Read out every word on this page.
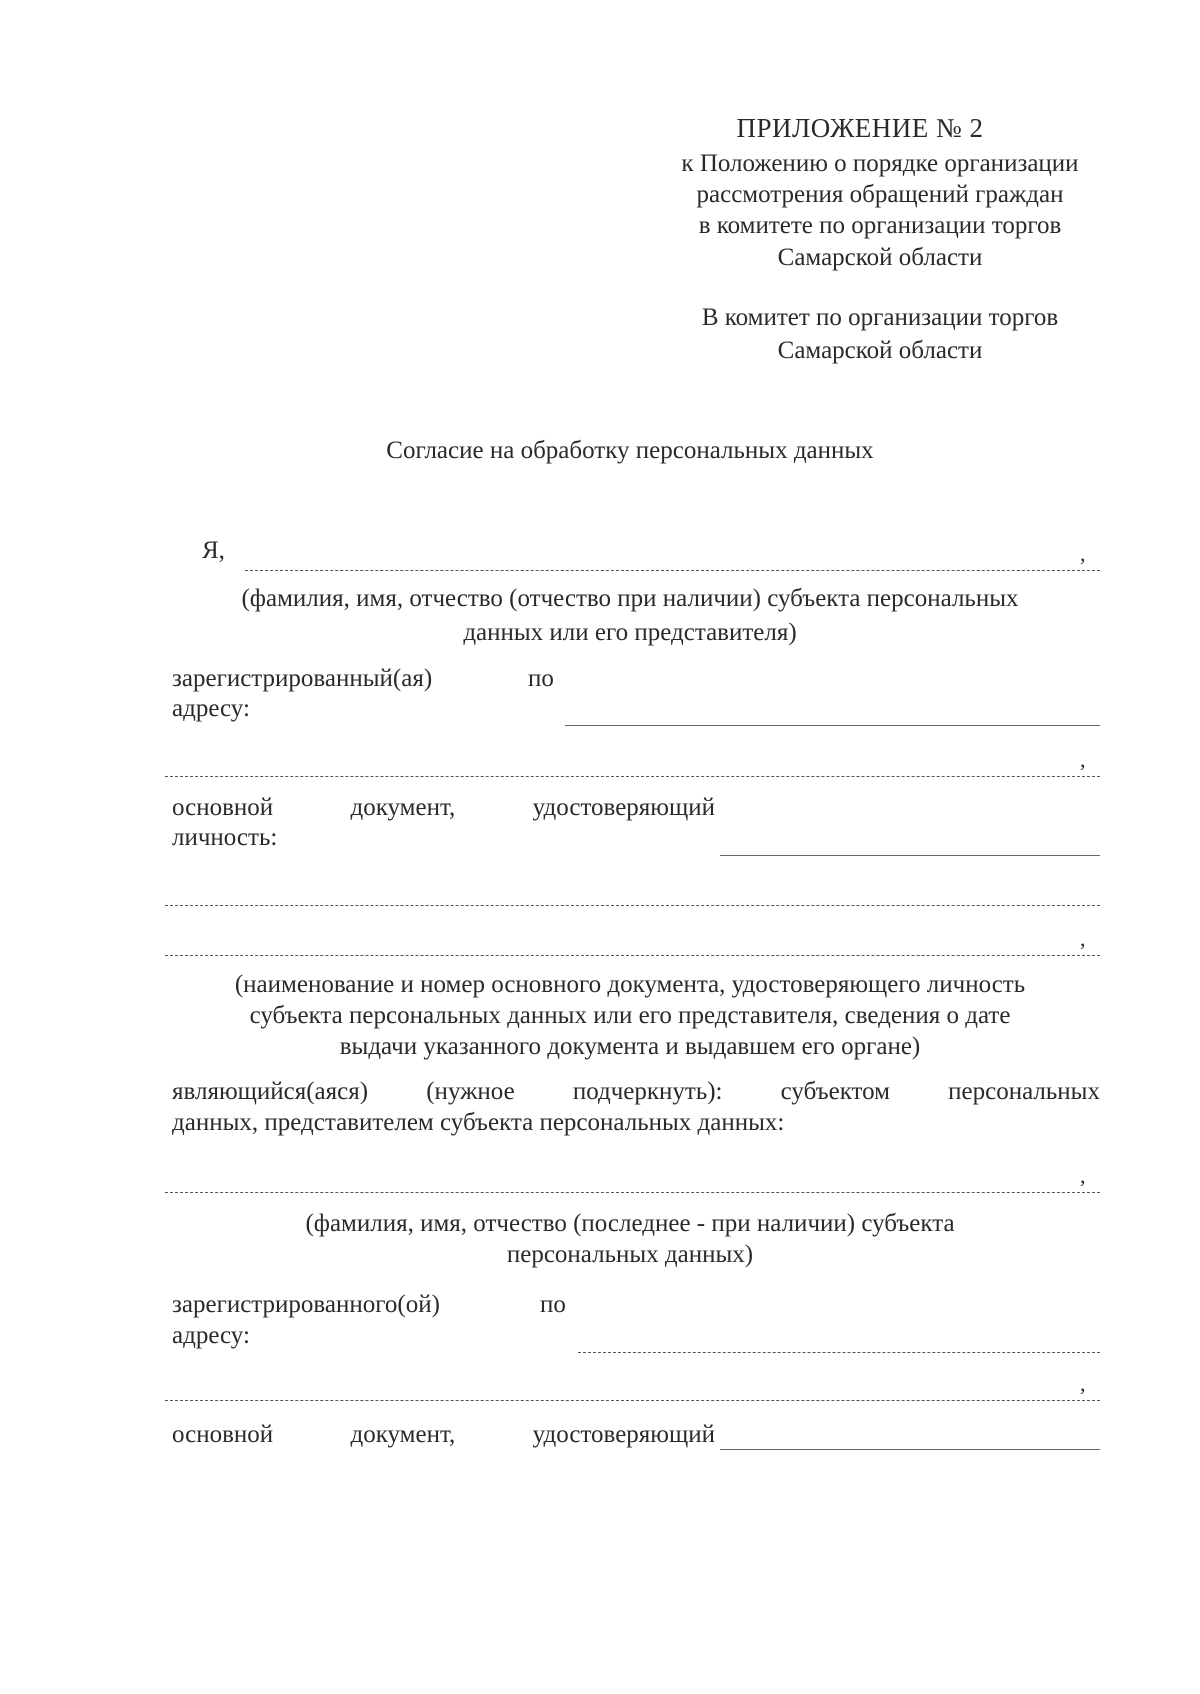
ПРИЛОЖЕНИЕ № 2
к Положению о порядке организации
рассмотрения обращений граждан
в комитете по организации торгов
Самарской области
В комитет по организации торгов
Самарской области
Согласие на обработку персональных данных
Я,	,
(фамилия, имя, отчество (отчество при наличии) субъекта персональных
данных или его представителя)
зарегистрированный(ая)	по
адресу:
,
основной	документ,	удостоверяющий
личность:
,
(наименование и номер основного документа, удостоверяющего личность
субъекта персональных данных или его представителя, сведения о дате
выдачи указанного документа и выдавшем его органе)
являющийся(аяся) (нужное подчеркнуть): субъектом персональных
данных, представителем субъекта персональных данных:
,
(фамилия, имя, отчество (последнее - при наличии) субъекта
персональных данных)
зарегистрированного(ой)	по
адресу:
,
основной	документ,	удостоверяющий
